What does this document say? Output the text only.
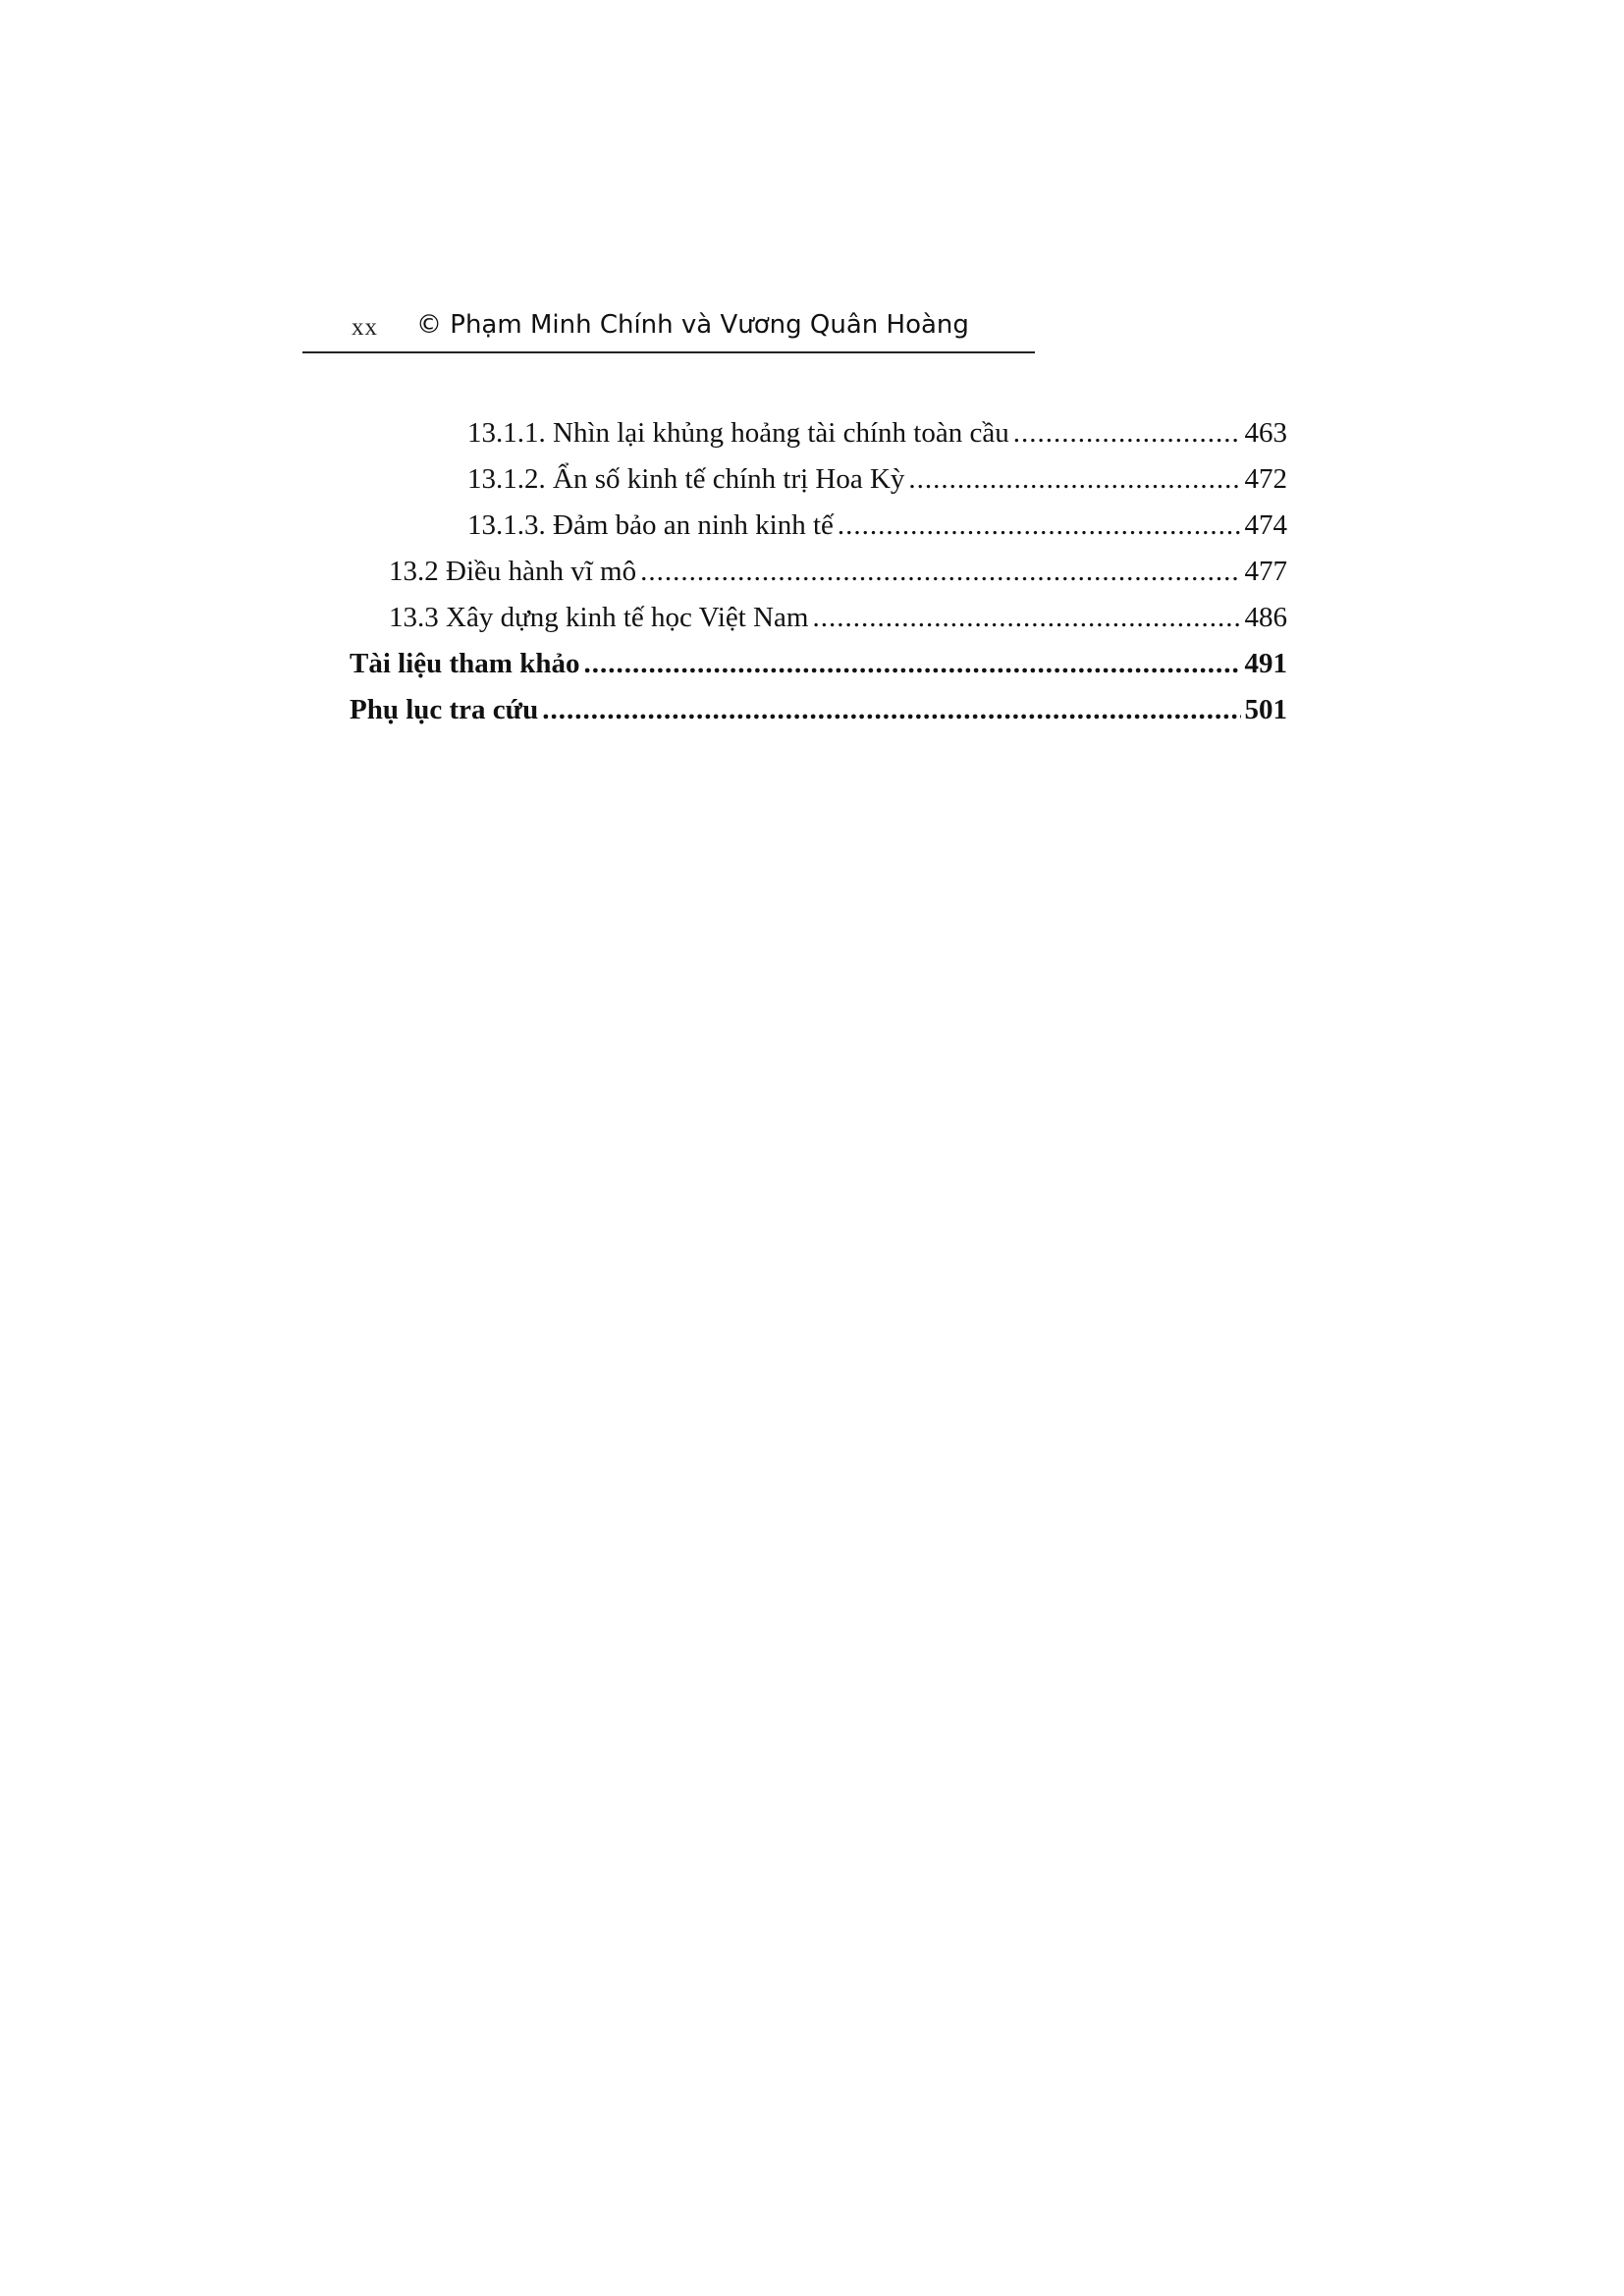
xx © Phạm Minh Chính và Vương Quân Hoàng
13.1.1. Nhìn lại khủng hoảng tài chính toàn cầu .....	463
13.1.2. Ẩn số kinh tế chính trị Hoa Kỳ .....	472
13.1.3. Đảm bảo an ninh kinh tế .....	474
13.2 Điều hành vĩ mô .....	477
13.3 Xây dựng kinh tế học Việt Nam .....	486
Tài liệu tham khảo .....	491
Phụ lục tra cứu .....	501
